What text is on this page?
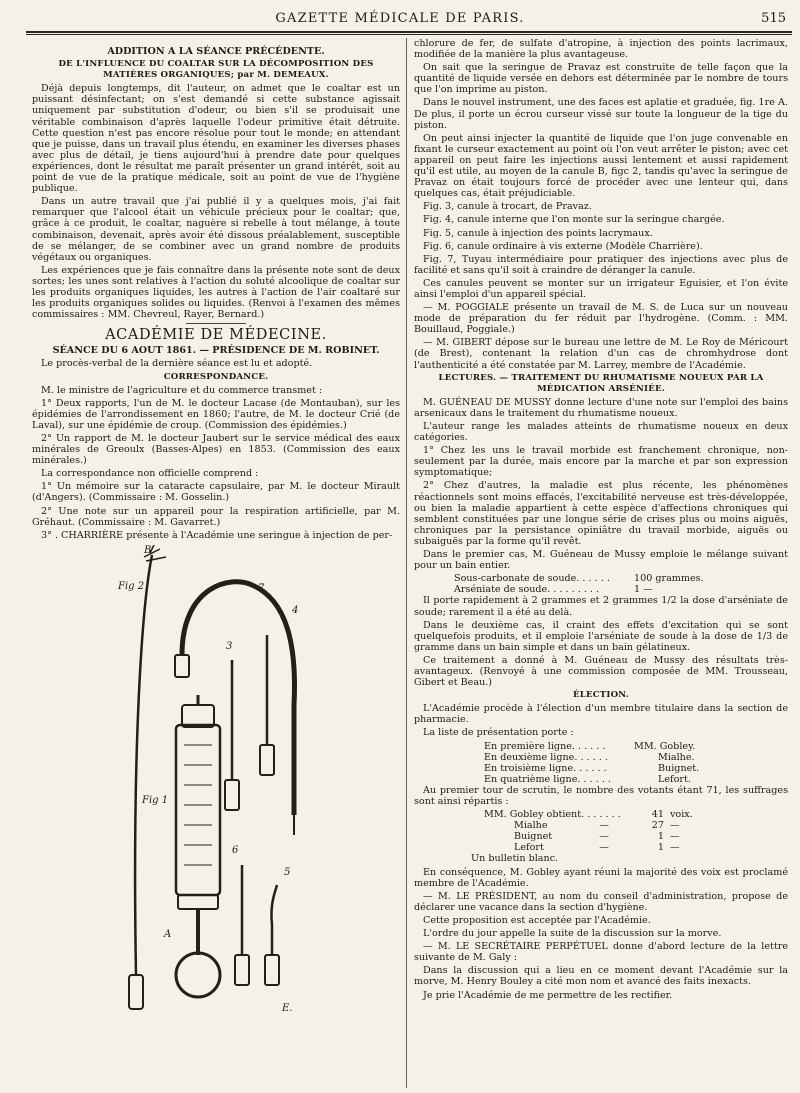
GAZETTE MÉDICALE DE PARIS.	515
ADDITION A LA SÉANCE PRÉCÉDENTE.
DE L'INFLUENCE DU COALTAR SUR LA DÉCOMPOSITION DES MATIÈRES ORGANIQUES; par M. DEMEAUX.

Déjà depuis longtemps, dit l'auteur, on admet que le coaltar est un puissant désinfectant; on s'est demandé si cette substance agissait uniquement par substitution d'odeur, ou bien s'il se produisait une véritable combinaison d'après laquelle l'odeur primitive était détruite. Cette question n'est pas encore résolue pour tout le monde; en attendant que je puisse, dans un travail plus étendu, en examiner les diverses phases avec plus de détail, je tiens aujourd'hui à prendre date pour quelques expériences, dont le résultat me paraît présenter un grand intérêt, soit au point de vue de la pratique médicale, soit au point de vue de l'hygiène publique.

Dans un autre travail que j'ai publié il y a quelques mois, j'ai fait remarquer que l'alcool était un véhicule précieux pour le coaltar; que, grâce à ce produit, le coaltar, naguère si rebelle à tout mélange, à toute combinaison, devenait, après avoir été dissous préalablement, susceptible de se mélanger, de se combiner avec un grand nombre de produits végétaux ou organiques.

Les expériences que je fais connaître dans la présente note sont de deux sortes; les unes sont relatives à l'action du soluté alcoolique de coaltar sur les produits organiques liquides, les autres à l'action de l'air coaltaré sur les produits organiques solides ou liquides. (Renvoi à l'examen des mêmes commissaires : MM. Chevreul, Rayer, Bernard.)

ACADÉMIE DE MÉDECINE.
SÉANCE DU 6 AOUT 1861. — PRÉSIDENCE DE M. ROBINET.

Le procès-verbal de la dernière séance est lu et adopté.

CORRESPONDANCE.

M. le ministre de l'agriculture et du commerce transmet :

1° Deux rapports, l'un de M. le docteur Lacase (de Montauban), sur les épidémies de l'arrondissement en 1860; l'autre, de M. le docteur Crié (de Laval), sur une épidémie de croup. (Commission des épidémies.)

2° Un rapport de M. le docteur Jaubert sur le service médical des eaux minérales de Greoulx (Basses-Alpes) en 1853. (Commission des eaux minérales.)

La correspondance non officielle comprend :

1° Un mémoire sur la cataracte capsulaire, par M. le docteur Mirault (d'Angers). (Commissaire : M. Gosselin.)

2° Une note sur un appareil pour la respiration artificielle, par M. Gréhaut. (Commissaire : M. Gavarret.)

3° . CHARRIÈRE présente à l'Académie une seringue à injection de per-

B
Fig 2	7
4
3
Fig 1
6
5
A
E.

chlorure de fer, de sulfate d'atropine, à injection des points lacrimaux, modifiée de la manière la plus avantageuse.

On sait que la seringue de Pravaz est construite de telle façon que la quantité de liquide versée en dehors est déterminée par le nombre de tours que l'on imprime au piston.

Dans le nouvel instrument, une des faces est aplatie et graduée, fig. 1re A. De plus, il porte un écrou curseur vissé sur toute la longueur de la tige du piston.

On peut ainsi injecter la quantité de liquide que l'on juge convenable en fixant le curseur exactement au point où l'on veut arrêter le piston; avec cet appareil on peut faire les injections aussi lentement et aussi rapidement qu'il est utile, au moyen de la canule B, figc 2, tandis qu'avec la seringue de Pravaz on était toujours forcé de procéder avec une lenteur qui, dans quelques cas, était préjudiciable.

Fig. 3, canule à trocart, de Pravaz.

Fig. 4, canule interne que l'on monte sur la seringue chargée.

Fig. 5, canule à injection des points lacrymaux.

Fig. 6, canule ordinaire à vis externe (Modèle Charrière).

Fig. 7, Tuyau intermédiaire pour pratiquer des injections avec plus de facilité et sans qu'il soit à craindre de déranger la canule.

Ces canules peuvent se monter sur un irrigateur Eguisier, et l'on évite ainsi l'emploi d'un appareil spécial.

— M. POGGIALE présente un travail de M. S. de Luca sur un nouveau mode de préparation du fer réduit par l'hydrogène. (Comm. : MM. Bouillaud, Poggiale.)

— M. GIBERT dépose sur le bureau une lettre de M. Le Roy de Méricourt (de Brest), contenant la relation d'un cas de chromhydrose dont l'authenticité a été constatée par M. Larrey, membre de l'Académie.

LECTURES. — TRAITEMENT DU RHUMATISME NOUEUX PAR LA MÉDICATION ARSÉNIÉE.

M. GUÉNEAU DE MUSSY donne lecture d'une note sur l'emploi des bains arsenicaux dans le traitement du rhumatisme noueux.

L'auteur range les malades atteints de rhumatisme noueux en deux catégories.

1° Chez les uns le travail morbide est franchement chronique, non-seulement par la durée, mais encore par la marche et par son expression symptomatique;

2° Chez d'autres, la maladie est plus récente, les phénomènes réactionnels sont moins effacés, l'excitabilité nerveuse est très-développée, ou bien la maladie appartient à cette espèce d'affections chroniques qui semblent constituées par une longue série de crises plus ou moins aiguës, chroniques par la persistance opiniâtre du travail morbide, aiguës ou subaiguës par la forme qu'il revêt.

Dans le premier cas, M. Guéneau de Mussy emploie le mélange suivant pour un bain entier.

Sous-carbonate de soude. . . . . .	100 grammes.
Arséniate de soude. . . . . . . . .	1 —

Il porte rapidement à 2 grammes et 2 grammes 1/2 la dose d'arséniate de soude; rarement il a été au delà.

Dans le deuxième cas, il craint des effets d'excitation qui se sont quelquefois produits, et il emploie l'arséniate de soude à la dose de 1/3 de gramme dans un bain simple et dans un bain gélatineux.

Ce traitement a donné à M. Guéneau de Mussy des résultats très-avantageux. (Renvoyé à une commission composée de MM. Trousseau, Gibert et Beau.)

ÉLECTION.

L'Académie procède à l'élection d'un membre titulaire dans la section de pharmacie.

La liste de présentation porte :

En première ligne. . . . . .	MM. Gobley.
En deuxième ligne. . . . . .	Mialhe.
En troisième ligne. . . . . .	Buignet.
En quatrième ligne. . . . . .	Lefort.

Au premier tour de scrutin, le nombre des votants étant 71, les suffrages sont ainsi répartis :

MM. Gobley obtient. . . . . . .	41 voix.
Mialhe	—	27 —
Buignet	—	1 —
Lefort	—	1 —

Un bulletin blanc.

En conséquence, M. Gobley ayant réuni la majorité des voix est proclamé membre de l'Académie.

— M. LE PRÉSIDENT, au nom du conseil d'administration, propose de déclarer une vacance dans la section d'hygiène.

Cette proposition est acceptée par l'Académie.

L'ordre du jour appelle la suite de la discussion sur la morve.

— M. LE SECRÉTAIRE PERPÉTUEL donne d'abord lecture de la lettre suivante de M. Galy :

Dans la discussion qui a lieu en ce moment devant l'Académie sur la morve, M. Henry Bouley a cité mon nom et avancé des faits inexacts.

Je prie l'Académie de me permettre de les rectifier.
